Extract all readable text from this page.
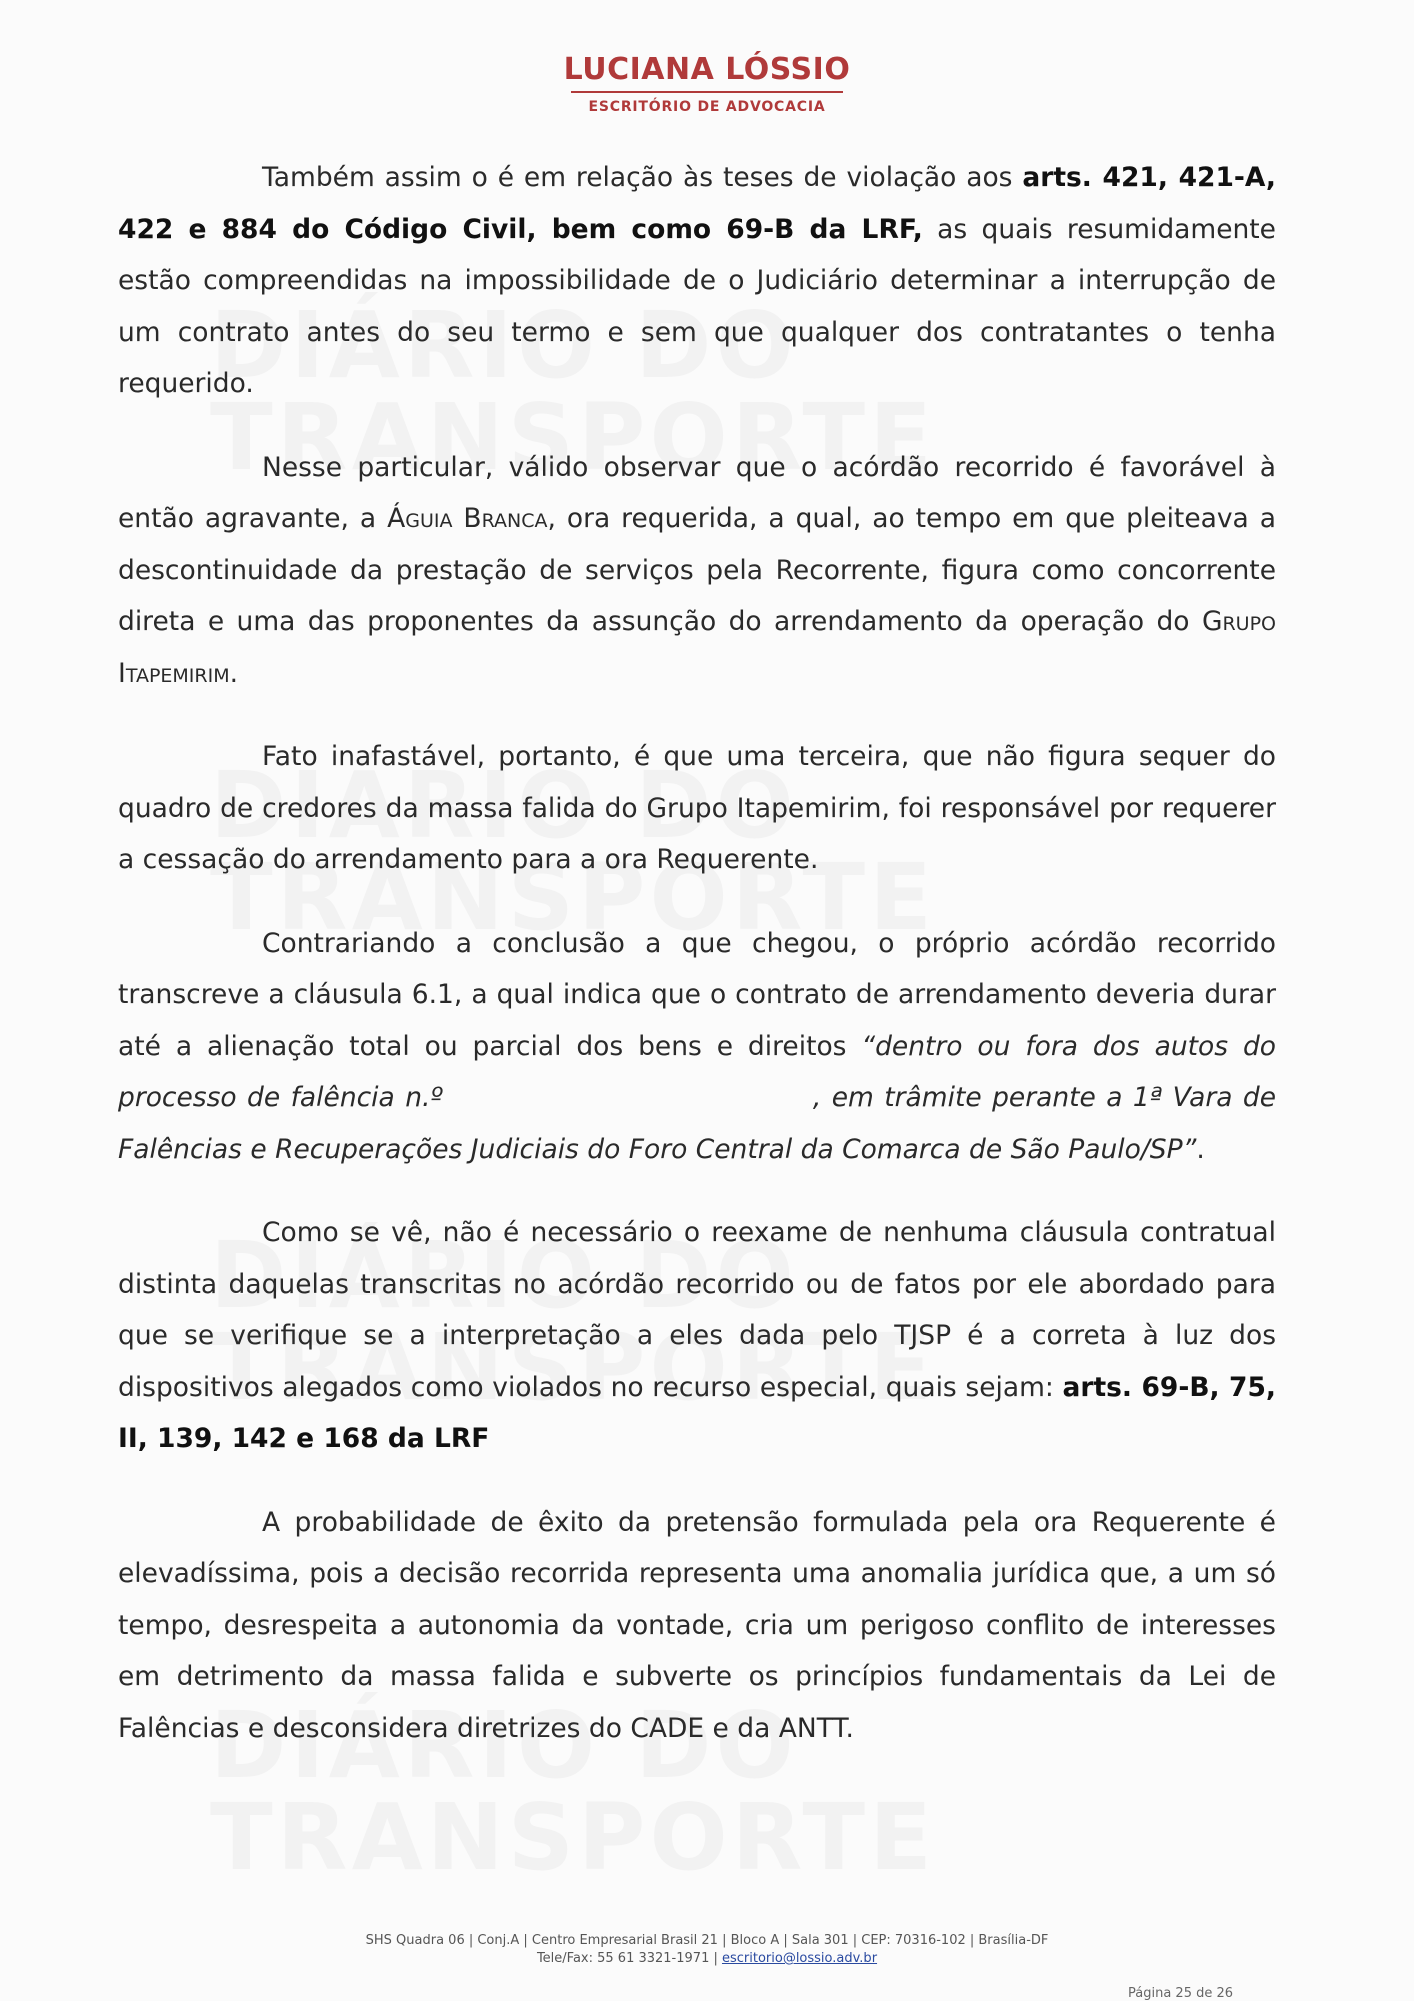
LUCIANA LÓSSIO
ESCRITÓRIO DE ADVOCACIA

Também assim o é em relação às teses de violação aos arts. 421, 421-A, 422 e 884 do Código Civil, bem como 69-B da LRF, as quais resumidamente estão compreendidas na impossibilidade de o Judiciário determinar a interrupção de um contrato antes do seu termo e sem que qualquer dos contratantes o tenha requerido.

Nesse particular, válido observar que o acórdão recorrido é favorável à então agravante, a Águia Branca, ora requerida, a qual, ao tempo em que pleiteava a descontinuidade da prestação de serviços pela Recorrente, figura como concorrente direta e uma das proponentes da assunção do arrendamento da operação do Grupo Itapemirim.

Fato inafastável, portanto, é que uma terceira, que não figura sequer do quadro de credores da massa falida do Grupo Itapemirim, foi responsável por requerer a cessação do arrendamento para a ora Requerente.

Contrariando a conclusão a que chegou, o próprio acórdão recorrido transcreve a cláusula 6.1, a qual indica que o contrato de arrendamento deveria durar até a alienação total ou parcial dos bens e direitos “dentro ou fora dos autos do processo de falência n.º	, em trâmite perante a 1ª Vara de Falências e Recuperações Judiciais do Foro Central da Comarca de São Paulo/SP”.

Como se vê, não é necessário o reexame de nenhuma cláusula contratual distinta daquelas transcritas no acórdão recorrido ou de fatos por ele abordado para que se verifique se a interpretação a eles dada pelo TJSP é a correta à luz dos dispositivos alegados como violados no recurso especial, quais sejam: arts. 69-B, 75, II, 139, 142 e 168 da LRF

A probabilidade de êxito da pretensão formulada pela ora Requerente é elevadíssima, pois a decisão recorrida representa uma anomalia jurídica que, a um só tempo, desrespeita a autonomia da vontade, cria um perigoso conflito de interesses em detrimento da massa falida e subverte os princípios fundamentais da Lei de Falências e desconsidera diretrizes do CADE e da ANTT.

SHS Quadra 06 | Conj.A | Centro Empresarial Brasil 21 | Bloco A | Sala 301 | CEP: 70316-102 | Brasília-DF
Tele/Fax: 55 61 3321-1971 | escritorio@lossio.adv.br
Página 25 de 26
